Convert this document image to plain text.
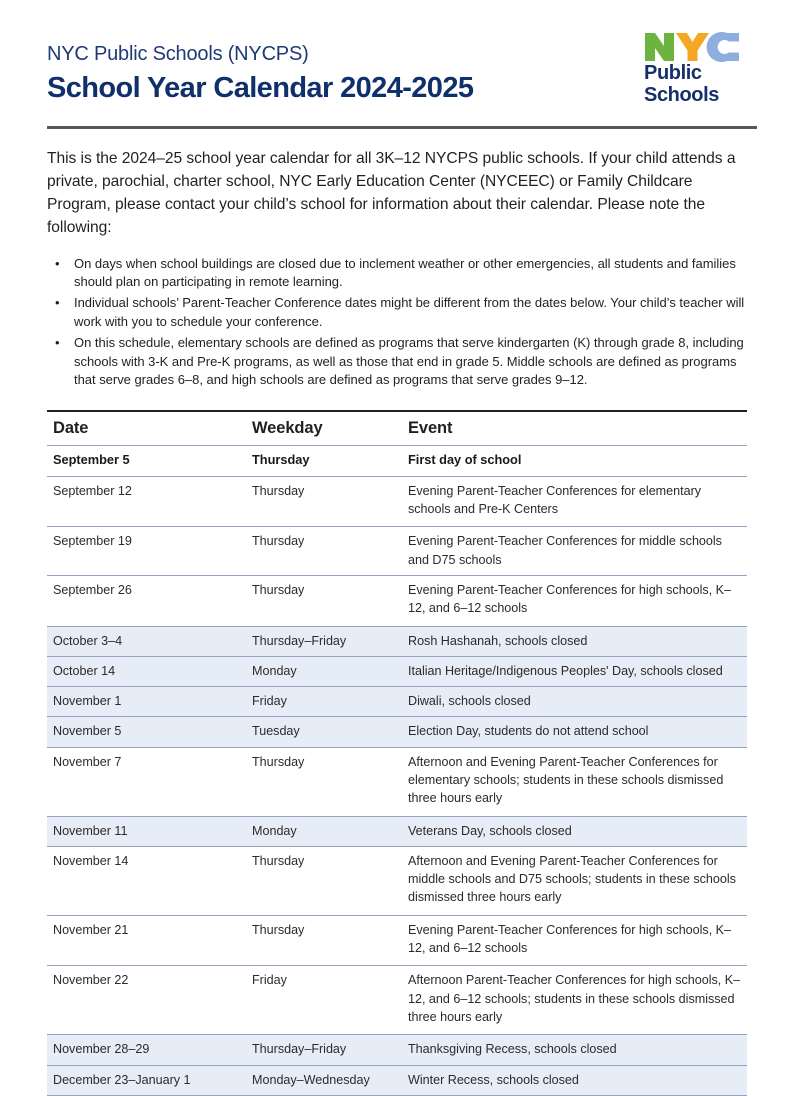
NYC Public Schools (NYCPS)
School Year Calendar 2024-2025	Public
Schools

This is the 2024–25 school year calendar for all 3K–12 NYCPS public schools. If your child attends a private, parochial, charter school, NYC Early Education Center (NYCEEC) or Family Childcare Program, please contact your child’s school for information about their calendar. Please note the following:

• On days when school buildings are closed due to inclement weather or other emergencies, all students and families should plan on participating in remote learning.
• Individual schools’ Parent-Teacher Conference dates might be different from the dates below. Your child’s teacher will work with you to schedule your conference.
• On this schedule, elementary schools are defined as programs that serve kindergarten (K) through grade 8, including schools with 3-K and Pre-K programs, as well as those that end in grade 5. Middle schools are defined as programs that serve grades 6–8, and high schools are defined as programs that serve grades 9–12.
Date	Weekday	Event
September 5	Thursday	First day of school
September 12	Thursday	Evening Parent-Teacher Conferences for elementary schools and Pre-K Centers
September 19	Thursday	Evening Parent-Teacher Conferences for middle schools and D75 schools
September 26	Thursday	Evening Parent-Teacher Conferences for high schools, K–12, and 6–12 schools
October 3–4	Thursday–Friday	Rosh Hashanah, schools closed
October 14	Monday	Italian Heritage/Indigenous Peoples' Day, schools closed
November 1	Friday	Diwali, schools closed
November 5	Tuesday	Election Day, students do not attend school
November 7	Thursday	Afternoon and Evening Parent-Teacher Conferences for elementary schools; students in these schools dismissed three hours early
November 11	Monday	Veterans Day, schools closed
November 14	Thursday	Afternoon and Evening Parent-Teacher Conferences for middle schools and D75 schools; students in these schools dismissed three hours early
November 21	Thursday	Evening Parent-Teacher Conferences for high schools, K–12, and 6–12 schools
November 22	Friday	Afternoon Parent-Teacher Conferences for high schools, K–12, and 6–12 schools; students in these schools dismissed three hours early
November 28–29	Thursday–Friday	Thanksgiving Recess, schools closed
December 23–January 1	Monday–Wednesday	Winter Recess, schools closed
